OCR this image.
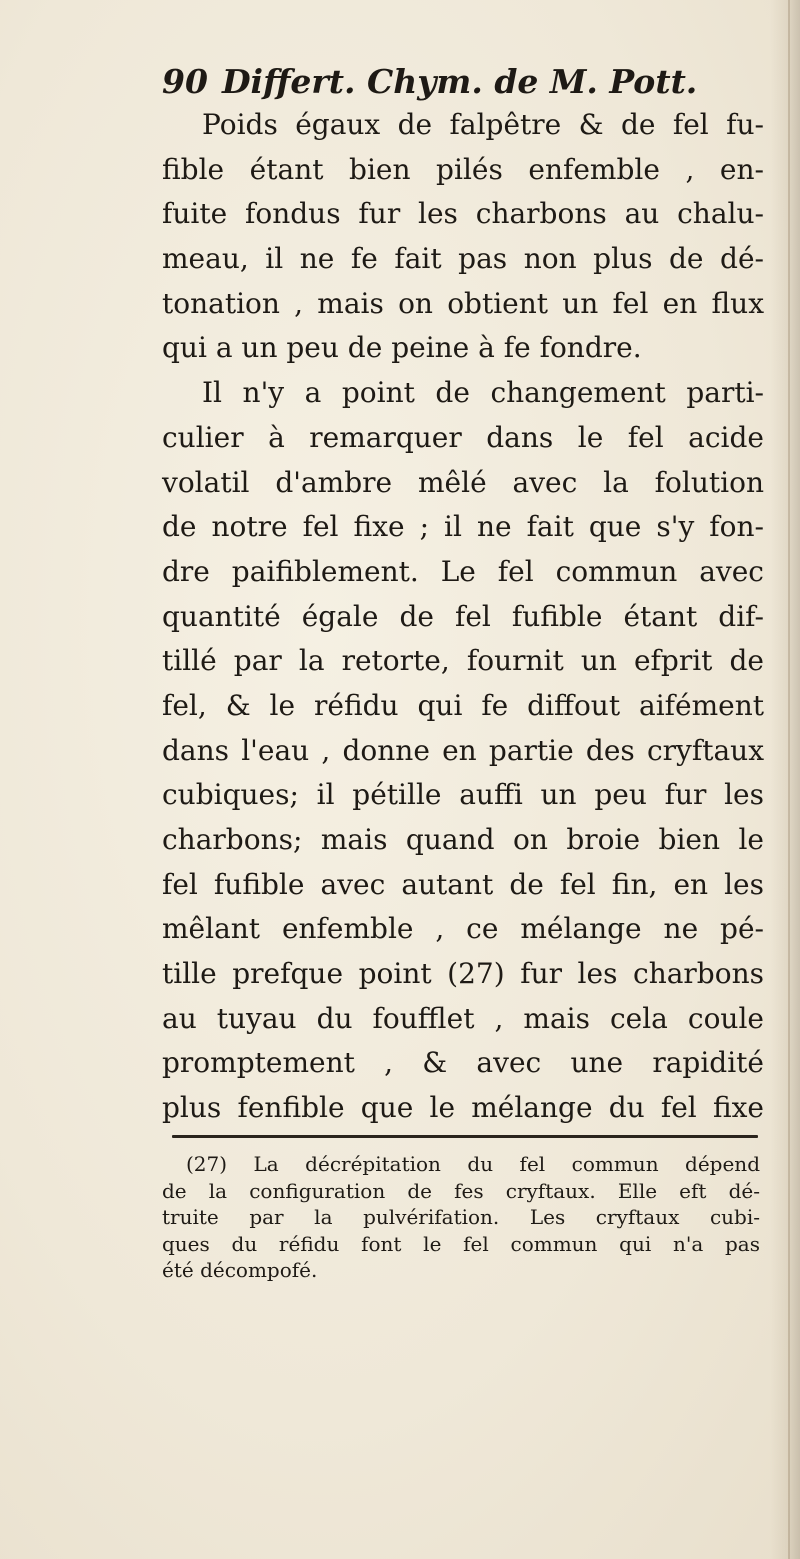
90 Differt. Chym. de M. Pott.
Poids égaux de falpêtre & de fel fu-
fible étant bien pilés enfemble , en-
fuite fondus fur les charbons au chalu-
meau, il ne fe fait pas non plus de dé-
tonation , mais on obtient un fel en flux
qui a un peu de peine à fe fondre.
Il n'y a point de changement parti-
culier à remarquer dans le fel acide
volatil d'ambre mêlé avec la folution
de notre fel fixe ; il ne fait que s'y fon-
dre paifiblement. Le fel commun avec
quantité égale de fel fufible étant dif-
tillé par la retorte, fournit un efprit de
fel, & le réfidu qui fe diffout aifément
dans l'eau , donne en partie des cryftaux
cubiques; il pétille auffi un peu fur les
charbons; mais quand on broie bien le
fel fufible avec autant de fel fin, en les
mêlant enfemble , ce mélange ne pé-
tille prefque point (27) fur les charbons
au tuyau du foufflet , mais cela coule
promptement , & avec une rapidité
plus fenfible que le mélange du fel fixe
(27) La décrépitation du fel commun dépend
de la configuration de fes cryftaux. Elle eft dé-
truite par la pulvérifation. Les cryftaux cubi-
ques du réfidu font le fel commun qui n'a pas
été décompofé.
